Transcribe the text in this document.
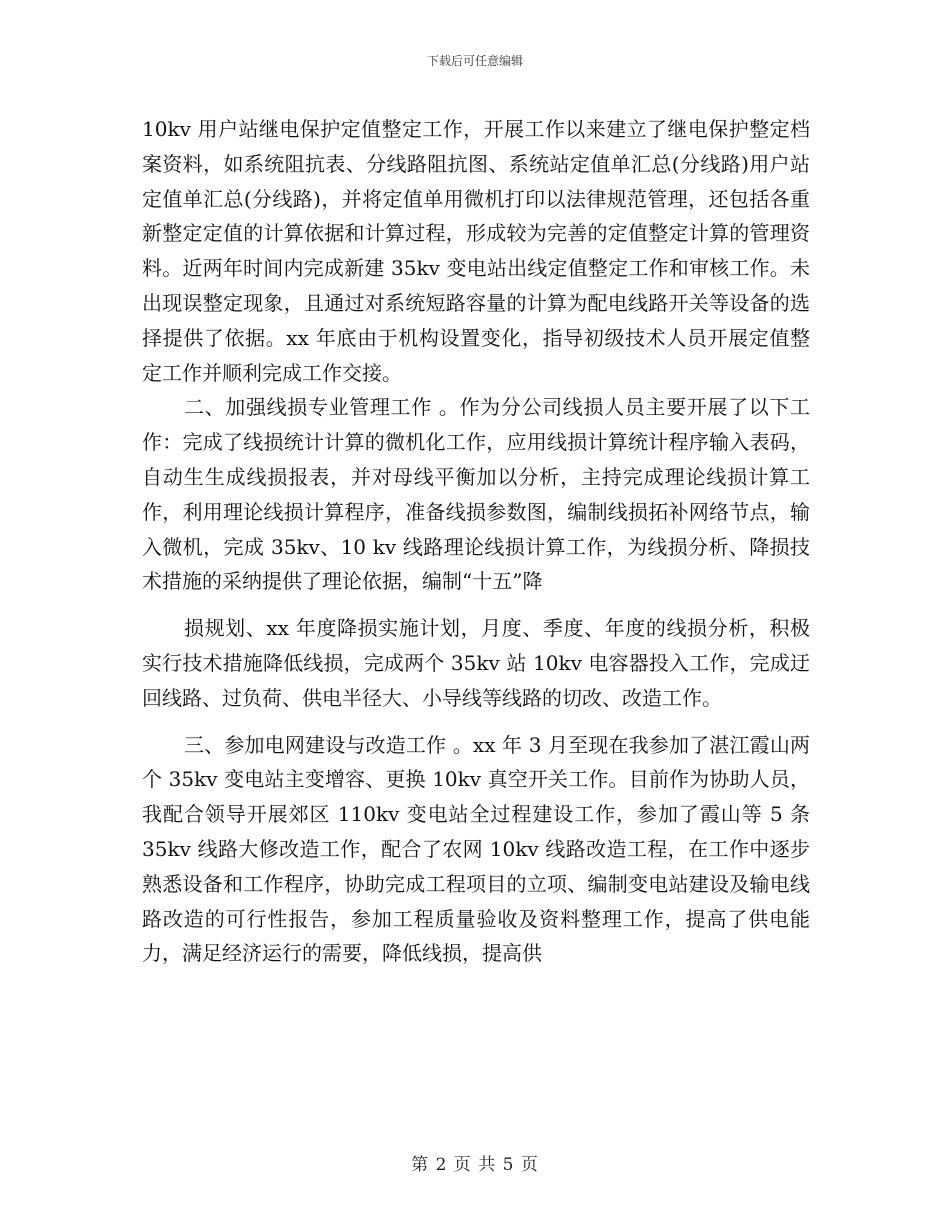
下载后可任意编辑

10kv 用户站继电保护定值整定工作，开展工作以来建立了继电保护整定档案资料，如系统阻抗表、分线路阻抗图、系统站定值单汇总(分线路)用户站定值单汇总(分线路)，并将定值单用微机打印以法律规范管理，还包括各重新整定定值的计算依据和计算过程，形成较为完善的定值整定计算的管理资料。近两年时间内完成新建 35kv 变电站出线定值整定工作和审核工作。未出现误整定现象，且通过对系统短路容量的计算为配电线路开关等设备的选择提供了依据。xx 年底由于机构设置变化，指导初级技术人员开展定值整定工作并顺利完成工作交接。

二、加强线损专业管理工作 。作为分公司线损人员主要开展了以下工作：完成了线损统计计算的微机化工作，应用线损计算统计程序输入表码，自动生生成线损报表，并对母线平衡加以分析，主持完成理论线损计算工作，利用理论线损计算程序，准备线损参数图，编制线损拓补网络节点，输入微机，完成 35kv、10 kv 线路理论线损计算工作，为线损分析、降损技术措施的采纳提供了理论依据，编制“十五”降

损规划、xx 年度降损实施计划，月度、季度、年度的线损分析，积极实行技术措施降低线损，完成两个 35kv 站 10kv 电容器投入工作，完成迂回线路、过负荷、供电半径大、小导线等线路的切改、改造工作。

三、参加电网建设与改造工作 。xx 年 3 月至现在我参加了湛江霞山两个 35kv 变电站主变增容、更换 10kv 真空开关工作。目前作为协助人员，我配合领导开展郊区 110kv 变电站全过程建设工作，参加了霞山等 5 条 35kv 线路大修改造工作，配合了农网 10kv 线路改造工程，在工作中逐步熟悉设备和工作程序，协助完成工程项目的立项、编制变电站建设及输电线路改造的可行性报告，参加工程质量验收及资料整理工作，提高了供电能力，满足经济运行的需要，降低线损，提高供

第 2 页 共 5 页
